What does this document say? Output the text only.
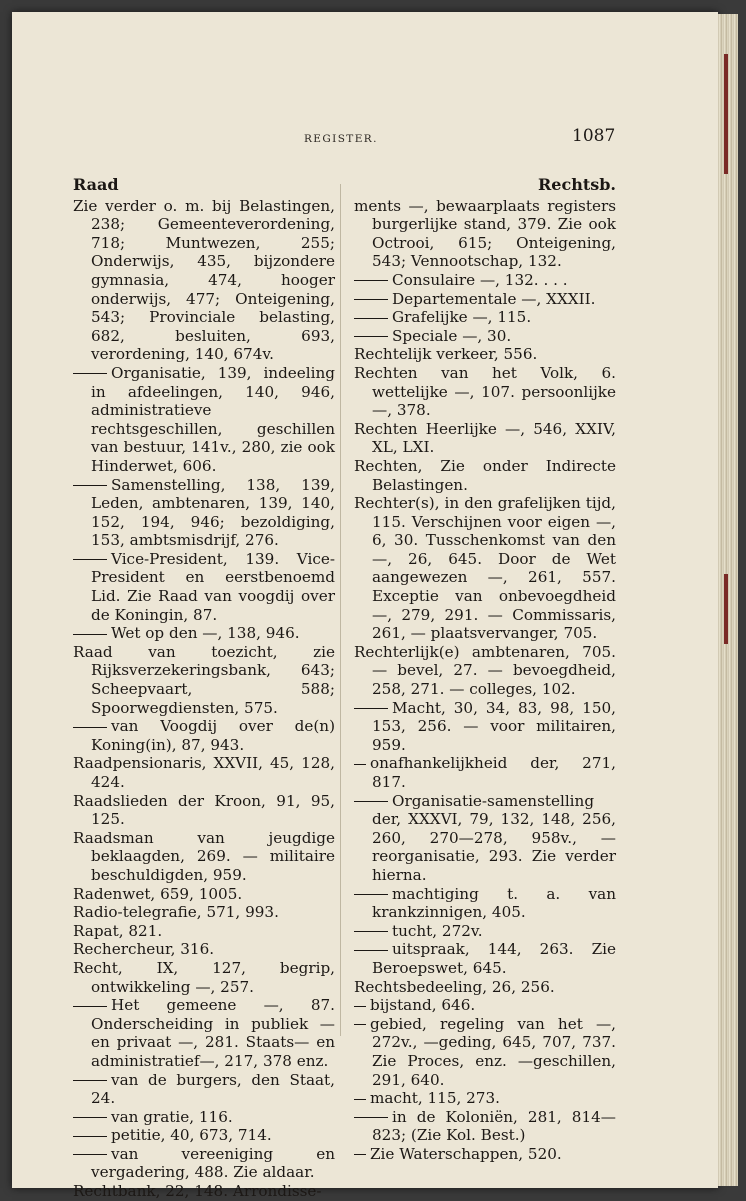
REGISTER.	1087
Raad

Zie verder o. m. bij Belastingen, 238; Gemeenteverordening, 718; Muntwezen, 255; Onderwijs, 435, bijzondere gymnasia, 474, hooger onderwijs, 477; Onteigening, 543; Provinciale belasting, 682, besluiten, 693, verordening, 140, 674v.

Organisatie, 139, indeeling in afdeelingen, 140, 946, administratieve rechtsgeschillen, geschillen van bestuur, 141v., 280, zie ook Hinderwet, 606.

Samenstelling, 138, 139, Leden, ambtenaren, 139, 140, 152, 194, 946; bezoldiging, 153, ambtsmisdrijf, 276.

Vice-President, 139. Vice-President en eerstbenoemd Lid. Zie Raad van voogdij over de Koningin, 87.

Wet op den —, 138, 946.

Raad van toezicht, zie Rijksverzekeringsbank, 643; Scheepvaart, 588; Spoorwegdiensten, 575.

van Voogdij over de(n) Koning(in), 87, 943.

Raadpensionaris, XXVII, 45, 128, 424.

Raadslieden der Kroon, 91, 95, 125.

Raadsman van jeugdige beklaagden, 269. — militaire beschuldigden, 959.

Radenwet, 659, 1005.

Radio-telegrafie, 571, 993.

Rapat, 821.

Rechercheur, 316.

Recht, IX, 127, begrip, ontwikkeling —, 257.

Het gemeene —, 87. Onderscheiding in publiek — en privaat —, 281. Staats— en administratief—, 217, 378 enz.

van de burgers, den Staat, 24.

van gratie, 116.

petitie, 40, 673, 714.

van vereeniging en vergadering, 488. Zie aldaar.

Rechtbank, 22, 148. Arrondisse-

Rechtsb.

ments —, bewaarplaats registers burgerlijke stand, 379. Zie ook Octrooi, 615; Onteigening, 543; Vennootschap, 132.

Consulaire —, 132. . . .

Departementale —, XXXII.

Grafelijke —, 115.

Speciale —, 30.

Rechtelijk verkeer, 556.

Rechten van het Volk, 6. wettelijke —, 107. persoonlijke —, 378.

Rechten Heerlijke —, 546, XXIV, XL, LXI.

Rechten, Zie onder Indirecte Belastingen.

Rechter(s), in den grafelijken tijd, 115. Verschijnen voor eigen —, 6, 30. Tusschenkomst van den —, 26, 645. Door de Wet aangewezen —, 261, 557. Exceptie van onbevoegdheid —, 279, 291. — Commissaris, 261, — plaatsvervanger, 705.

Rechterlijk(e) ambtenaren, 705. — bevel, 27. — bevoegdheid, 258, 271. — colleges, 102.

Macht, 30, 34, 83, 98, 150, 153, 256. — voor militairen, 959.

onafhankelijkheid der, 271, 817.

Organisatie-samenstelling der, XXXVI, 79, 132, 148, 256, 260, 270—278, 958v., — reorganisatie, 293. Zie verder hierna.

machtiging t. a. van krankzinnigen, 405.

tucht, 272v.

uitspraak, 144, 263. Zie Beroepswet, 645.

Rechtsbedeeling, 26, 256.

bijstand, 646.

gebied, regeling van het —, 272v., —geding, 645, 707, 737. Zie Proces, enz. —geschillen, 291, 640.

macht, 115, 273.

in de Koloniën, 281, 814—823; (Zie Kol. Best.)

Zie Waterschappen, 520.
